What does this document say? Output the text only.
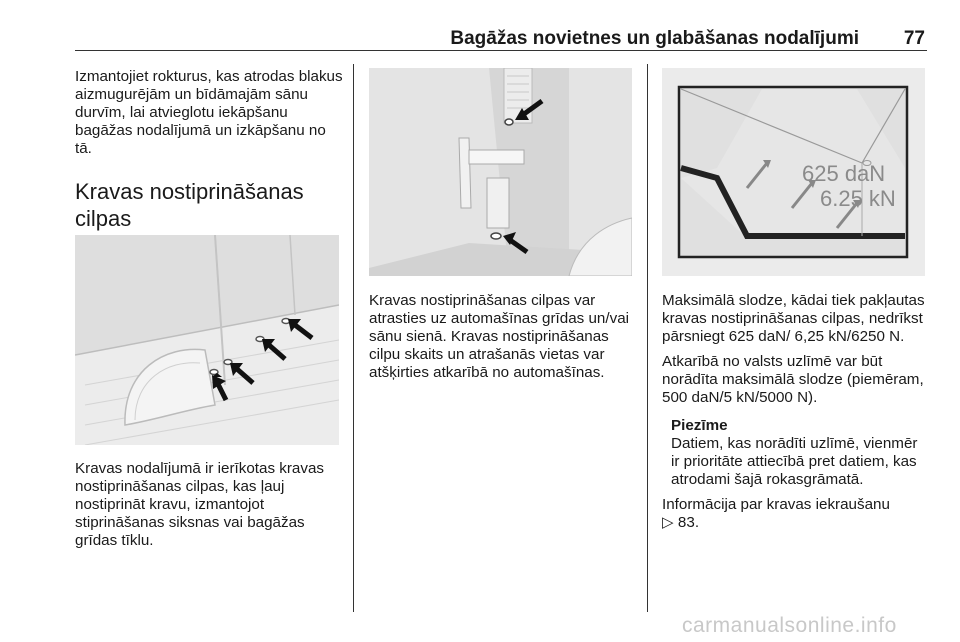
Bagāžas novietnes un glabāšanas nodalījumi 77

Izmantojiet rokturus, kas atrodas blakus aizmugurējām un bīdāmajām sānu durvīm, lai atvieglotu iekāpšanu bagāžas nodalījumā un izkāpšanu no tā.

Kravas nostiprināšanas cilpas

Kravas nodalījumā ir ierīkotas kravas nostiprināšanas cilpas, kas ļauj nostiprināt kravu, izmantojot stiprināšanas siksnas vai bagāžas grīdas tīklu.

Kravas nostiprināšanas cilpas var atrasties uz automašīnas grīdas un/vai sānu sienā. Kravas nostiprināšanas cilpu skaits un atrašanās vietas var atšķirties atkarībā no automašīnas.

625 daN
6.25 kN

Maksimālā slodze, kādai tiek pakļautas kravas nostiprināšanas cilpas, nedrīkst pārsniegt 625 daN/ 6,25 kN/6250 N.

Atkarībā no valsts uzlīmē var būt norādīta maksimālā slodze (piemēram, 500 daN/5 kN/5000 N).

Piezīme

Datiem, kas norādīti uzlīmē, vienmēr ir prioritāte attiecībā pret datiem, kas atrodami šajā rokasgrāmatā.

Informācija par kravas iekraušanu
▷ 83.

carmanualsonline.info
